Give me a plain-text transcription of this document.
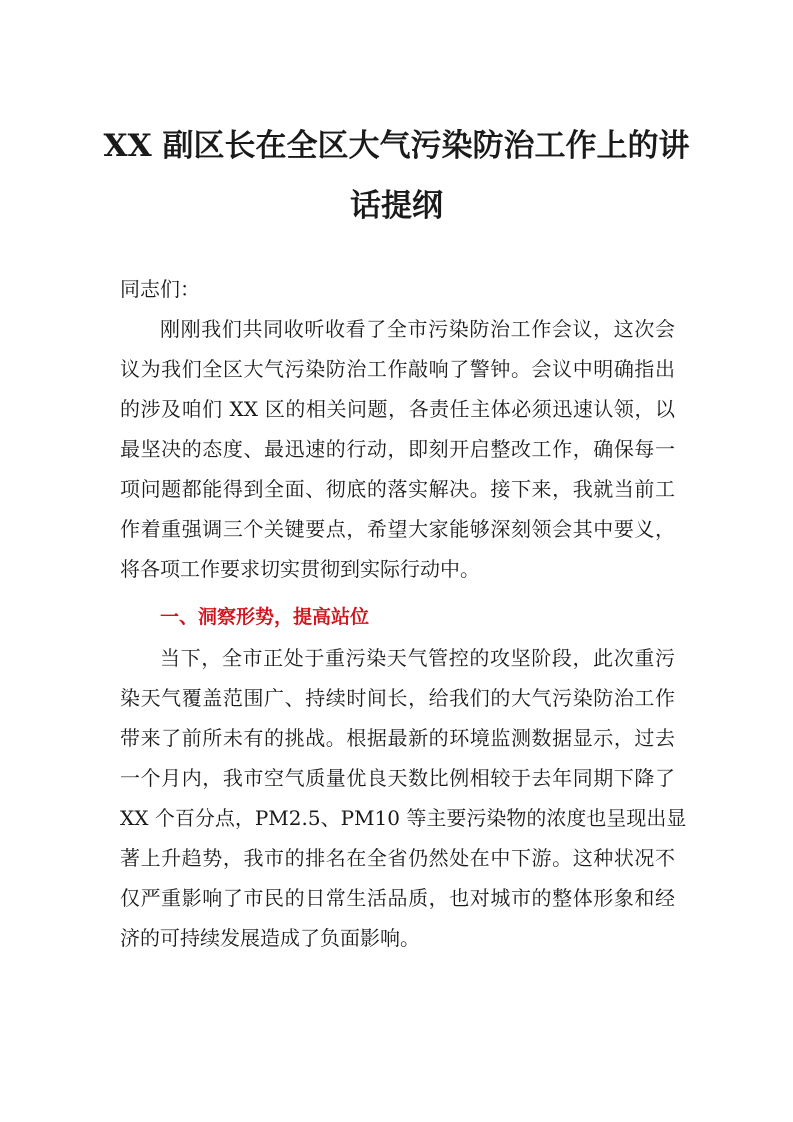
XX 副区长在全区大气污染防治工作上的讲
话提纲

同志们：

刚刚我们共同收听收看了全市污染防治工作会议，这次会
议为我们全区大气污染防治工作敲响了警钟。会议中明确指出
的涉及咱们 XX 区的相关问题，各责任主体必须迅速认领，以
最坚决的态度、最迅速的行动，即刻开启整改工作，确保每一
项问题都能得到全面、彻底的落实解决。接下来，我就当前工
作着重强调三个关键要点，希望大家能够深刻领会其中要义，
将各项工作要求切实贯彻到实际行动中。
一、洞察形势，提高站位
当下，全市正处于重污染天气管控的攻坚阶段，此次重污
染天气覆盖范围广、持续时间长，给我们的大气污染防治工作
带来了前所未有的挑战。根据最新的环境监测数据显示，过去
一个月内，我市空气质量优良天数比例相较于去年同期下降了
XX 个百分点，PM2.5、PM10 等主要污染物的浓度也呈现出显
著上升趋势，我市的排名在全省仍然处在中下游。这种状况不
仅严重影响了市民的日常生活品质，也对城市的整体形象和经
济的可持续发展造成了负面影响。
